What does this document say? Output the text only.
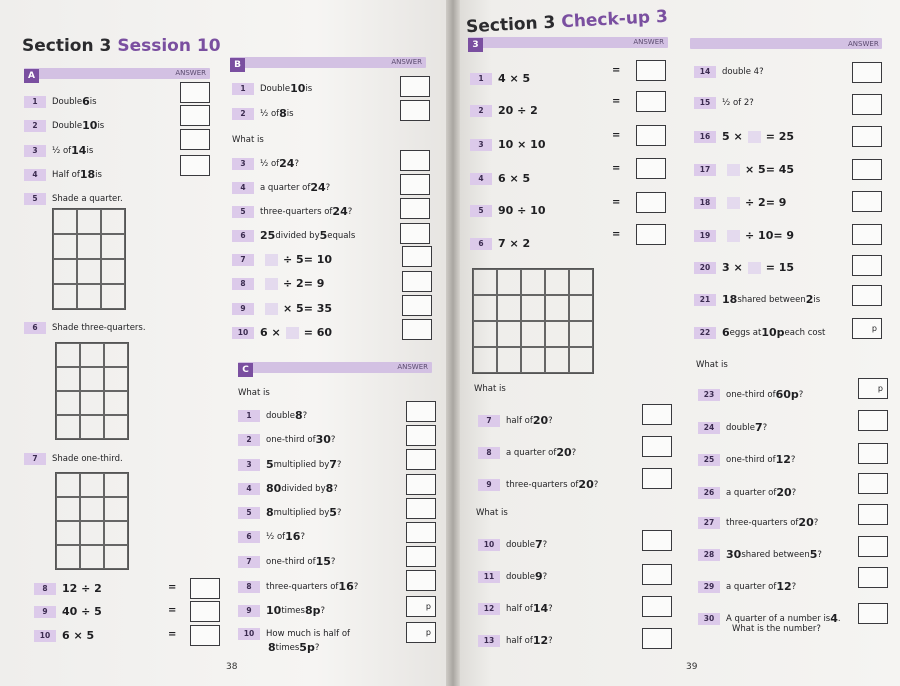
Section 3 Session 10
ANSWER
A
1	Double 6 is
2	Double 10 is
3	½ of 14 is
4	Half of 18 is
5	Shade a quarter.
6	Shade three-quarters.
7	Shade one-third.
8	12 ÷ 2	=
9	40 ÷ 5	=
10	6 × 5	=
ANSWER
B
1	Double 10 is
2	½ of 8 is
What is
3	½ of 24 ?
4	a quarter of 24 ?
5	three-quarters of 24 ?
6	25 divided by 5 equals
7	÷ 5 = 10
8	÷ 2 = 9
9	× 5 = 35
10	6 × = 60
ANSWER
C
What is
1	double 8 ?
2	one-third of 30 ?
3	5 multiplied by 7 ?
4	80 divided by 8 ?
5	8 multiplied by 5 ?
6	½ of 16 ?
7	one-third of 15 ?
8	three-quarters of 16 ?
9	10 times 8p ?	p
10	How much is half of
8 times 5p ?
p
38
Section 3 Check-up 3
ANSWER
3	ANSWER
1	4 × 5
=
2	20 ÷ 2
=
3	10 × 10
=
4	6 × 5
=
5	90 ÷ 10
=
6	7 × 2
=
What is
7	half of 20 ?
8	a quarter of 20 ?
9	three-quarters of 20 ?
What is
10	double 7 ?
11	double 9 ?
12	half of 14 ?
13	half of 12 ?
14	double 4?
15	½ of 2?
16	5 × = 25
17	× 5 = 45
18	÷ 2 = 9
19	÷ 10 = 9
20	3 × = 15
21	18 shared between 2 is
22	6 eggs at 10p each cost	p
What is
23	one-third of 60p ?
p
24	double 7 ?
25	one-third of 12 ?
26	a quarter of 20 ?
27	three-quarters of 20 ?
28	30 shared between 5 ?
29	a quarter of 12 ?
30	A quarter of a number is 4 .
What is the number?
39
